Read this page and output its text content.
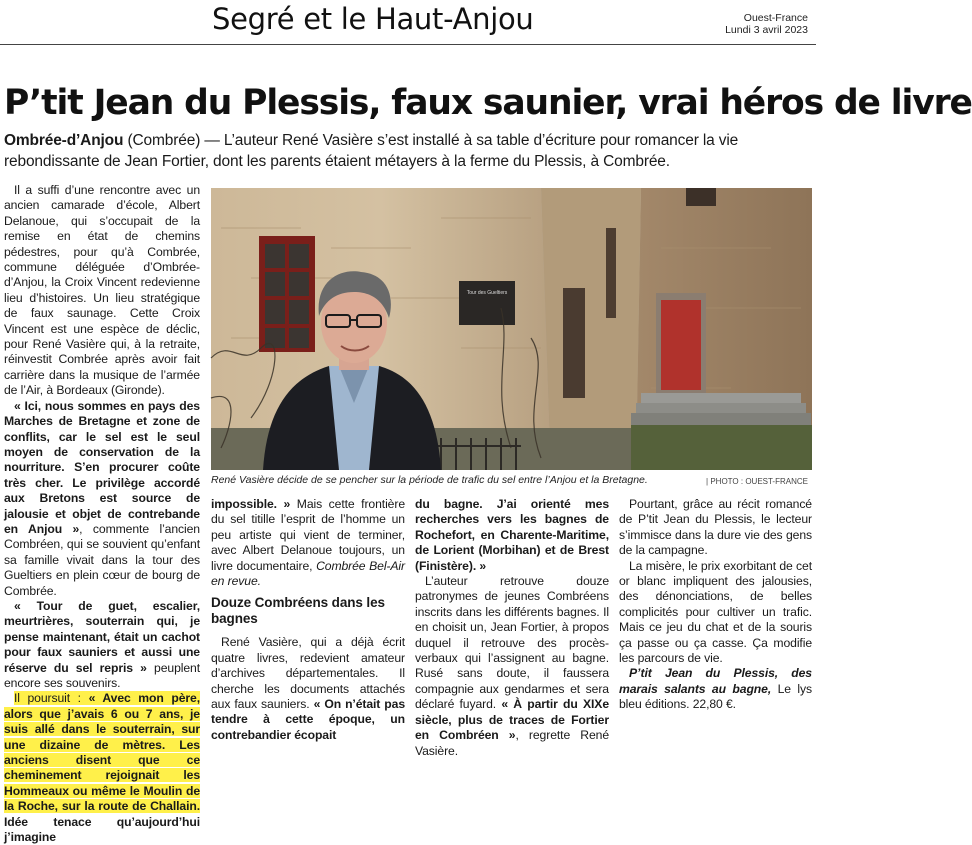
Segré et le Haut-Anjou	Ouest-France
Lundi 3 avril 2023
P’tit Jean du Plessis, faux saunier, vrai héros de livre
Ombrée-d’Anjou (Combrée) — L’auteur René Vasière s’est installé à sa table d’écriture pour romancer la vie rebondissante de Jean Fortier, dont les parents étaient métayers à la ferme du Plessis, à Combrée.

Il a suffi d’une rencontre avec un ancien camarade d’école, Albert Delanoue, qui s’occupait de la remise en état de chemins pédestres, pour qu’à Combrée, commune déléguée d’Ombrée-d’Anjou, la Croix Vincent redevienne lieu d’histoires. Un lieu stratégique de faux saunage. Cette Croix Vincent est une espèce de déclic, pour René Vasière qui, à la retraite, réinvestit Combrée après avoir fait carrière dans la musique de l’armée de l’Air, à Bordeaux (Gironde).

« Ici, nous sommes en pays des Marches de Bretagne et zone de conflits, car le sel est le seul moyen de conservation de la nourriture. S’en procurer coûte très cher. Le privilège accordé aux Bretons est source de jalousie et objet de contrebande en Anjou », commente l’ancien Combréen, qui se souvient qu’enfant sa famille vivait dans la tour des Gueltiers en plein cœur de bourg de Combrée.

« Tour de guet, escalier, meurtrières, souterrain qui, je pense maintenant, était un cachot pour faux sauniers et aussi une réserve du sel repris » peuplent encore ses souvenirs.

Il poursuit : « Avec mon père, alors que j’avais 6 ou 7 ans, je suis allé dans le souterrain, sur une dizaine de mètres. Les anciens disent que ce cheminement rejoignait les Hommeaux ou même le Moulin de la Roche, sur la route de Challain. Idée tenace qu’aujourd’hui j’imagine

Tour des Gueltiers
René Vasière décide de se pencher sur la période de trafic du sel entre l’Anjou et la Bretagne.	| PHOTO : OUEST-FRANCE

impossible. » Mais cette frontière du sel titille l’esprit de l’homme un peu artiste qui vient de terminer, avec Albert Delanoue toujours, un livre documentaire, Combrée Bel-Air en revue.

Douze Combréens dans les bagnes

René Vasière, qui a déjà écrit quatre livres, redevient amateur d’archives départementales. Il cherche les documents attachés aux faux sauniers. « On n’était pas tendre à cette époque, un contrebandier écopait

du bagne. J’ai orienté mes recherches vers les bagnes de Rochefort, en Charente-Maritime, de Lorient (Morbihan) et de Brest (Finistère). »

L’auteur retrouve douze patronymes de jeunes Combréens inscrits dans les différents bagnes. Il en choisit un, Jean Fortier, à propos duquel il retrouve des procès-verbaux qui l’assignent au bagne. Rusé sans doute, il faussera compagnie aux gendarmes et sera déclaré fuyard. « À partir du XIXe siècle, plus de traces de Fortier en Combréen », regrette René Vasière.

Pourtant, grâce au récit romancé de P’tit Jean du Plessis, le lecteur s’immisce dans la dure vie des gens de la campagne.

La misère, le prix exorbitant de cet or blanc impliquent des jalousies, des dénonciations, de belles complicités pour cultiver un trafic. Mais ce jeu du chat et de la souris ça passe ou ça casse. Ça modifie les parcours de vie.

P’tit Jean du Plessis, des marais salants au bagne, Le lys bleu éditions. 22,80 €.
